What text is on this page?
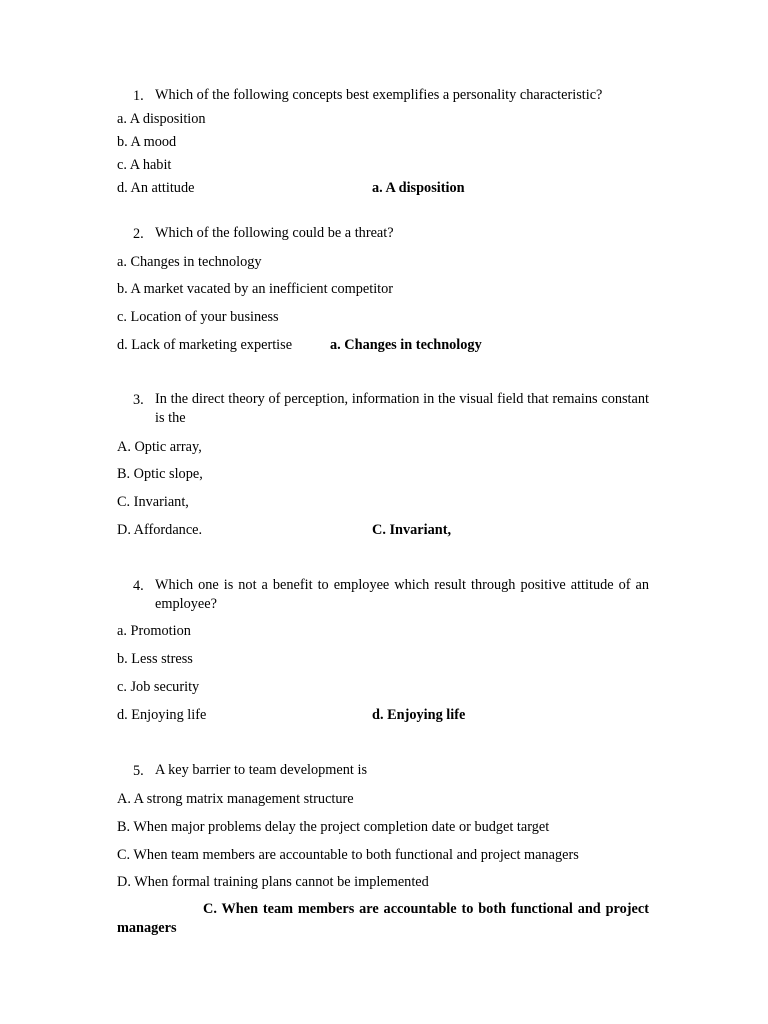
1. Which of the following concepts best exemplifies a personality characteristic?
a. A disposition
b. A mood
c. A habit
d. An attitude	a. A disposition
2. Which of the following could be a threat?
a. Changes in technology
b. A market vacated by an inefficient competitor
c. Location of your business
d. Lack of marketing expertise	a. Changes in technology
3. In the direct theory of perception, information in the visual field that remains constant is the
A. Optic array,
B. Optic slope,
C. Invariant,
D. Affordance.	C. Invariant,
4. Which one is not a benefit to employee which result through positive attitude of an employee?
a. Promotion
b. Less stress
c. Job security
d. Enjoying life	d. Enjoying life
5. A key barrier to team development is
A. A strong matrix management structure
B. When major problems delay the project completion date or budget target
C. When team members are accountable to both functional and project managers
D. When formal training plans cannot be implemented
C. When team members are accountable to both functional and project managers
